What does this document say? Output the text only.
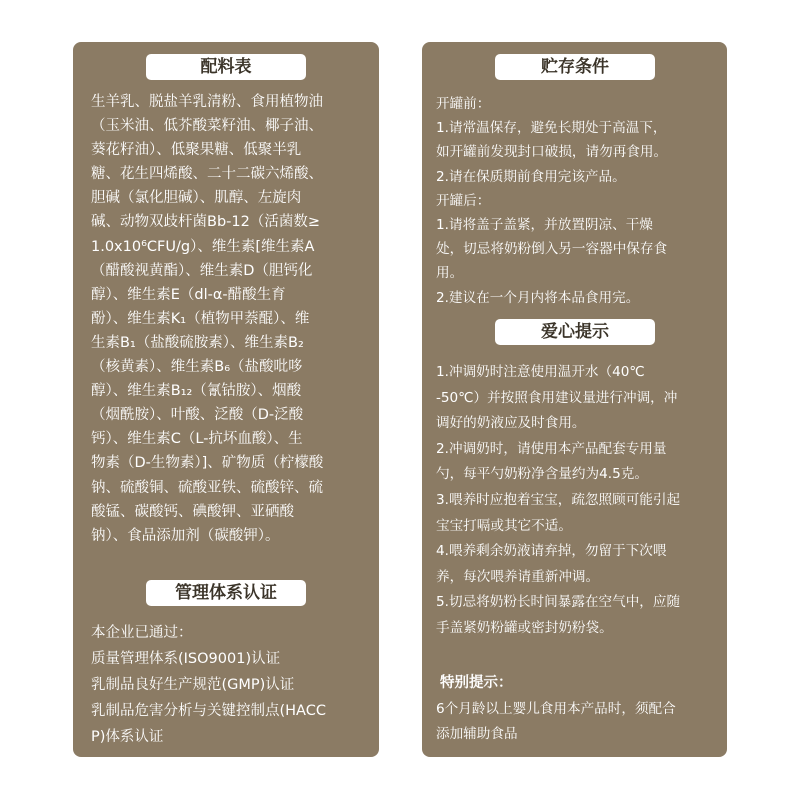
配料表

生羊乳、脱盐羊乳清粉、食用植物油

（玉米油、低芥酸菜籽油、椰子油、

葵花籽油）、低聚果糖、低聚半乳

糖、花生四烯酸、二十二碳六烯酸、

胆碱（氯化胆碱）、肌醇、左旋肉

碱、动物双歧杆菌Bb-12（活菌数≥

1.0x10⁶CFU/g）、维生素[维生素A

（醋酸视黄酯）、维生素D（胆钙化

醇）、维生素E（dl-α-醋酸生育

酚）、维生素K₁（植物甲萘醌）、维

生素B₁（盐酸硫胺素）、维生素B₂

（核黄素）、维生素B₆（盐酸吡哆

醇）、维生素B₁₂（氰钴胺）、烟酸

（烟酰胺）、叶酸、泛酸（D-泛酸

钙）、维生素C（L-抗坏血酸）、生

物素（D-生物素）]、矿物质（柠檬酸

钠、硫酸铜、硫酸亚铁、硫酸锌、硫

酸锰、碳酸钙、碘酸钾、亚硒酸

钠）、食品添加剂（碳酸钾）。

管理体系认证

本企业已通过：

质量管理体系(ISO9001)认证

乳制品良好生产规范(GMP)认证

乳制品危害分析与关键控制点(HACC

P)体系认证

贮存条件

开罐前：

1.请常温保存，避免长期处于高温下，

如开罐前发现封口破损，请勿再食用。

2.请在保质期前食用完该产品。

开罐后：

1.请将盖子盖紧，并放置阴凉、干燥

处，切忌将奶粉倒入另一容器中保存食

用。

2.建议在一个月内将本品食用完。

爱心提示

1.冲调奶时注意使用温开水（40℃

-50℃）并按照食用建议量进行冲调，冲

调好的奶液应及时食用。

2.冲调奶时，请使用本产品配套专用量

勺，每平勺奶粉净含量约为4.5克。

3.喂养时应抱着宝宝，疏忽照顾可能引起

宝宝打嗝或其它不适。

4.喂养剩余奶液请弃掉，勿留于下次喂

养，每次喂养请重新冲调。

5.切忌将奶粉长时间暴露在空气中，应随

手盖紧奶粉罐或密封奶粉袋。

特别提示：

6个月龄以上婴儿食用本产品时，须配合

添加辅助食品
